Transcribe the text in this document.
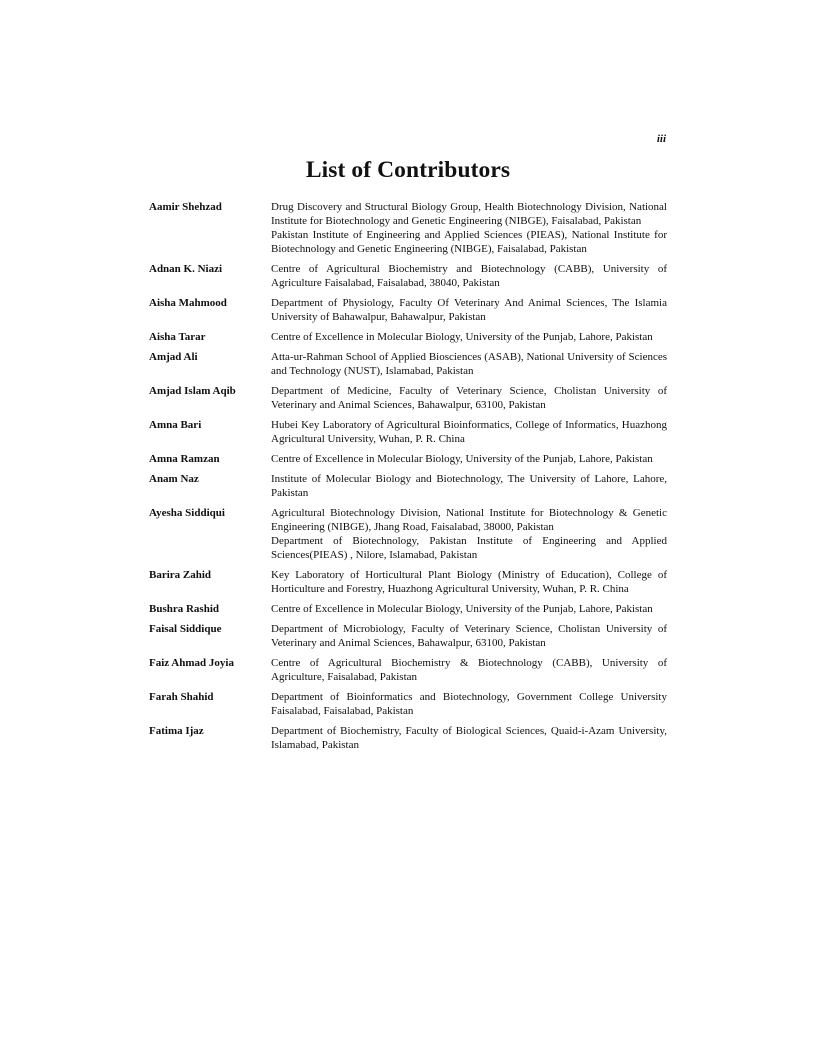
iii
List of Contributors
Aamir Shehzad	Drug Discovery and Structural Biology Group, Health Biotechnology Division, National Institute for Biotechnology and Genetic Engineering (NIBGE), Faisalabad, Pakistan
Pakistan Institute of Engineering and Applied Sciences (PIEAS), National Institute for Biotechnology and Genetic Engineering (NIBGE), Faisalabad, Pakistan
Adnan K. Niazi	Centre of Agricultural Biochemistry and Biotechnology (CABB), University of Agriculture Faisalabad, Faisalabad, 38040, Pakistan
Aisha Mahmood	Department of Physiology, Faculty Of Veterinary And Animal Sciences, The Islamia University of Bahawalpur, Bahawalpur, Pakistan
Aisha Tarar	Centre of Excellence in Molecular Biology, University of the Punjab, Lahore, Pakistan
Amjad Ali	Atta-ur-Rahman School of Applied Biosciences (ASAB), National University of Sciences and Technology (NUST), Islamabad, Pakistan
Amjad Islam Aqib	Department of Medicine, Faculty of Veterinary Science, Cholistan University of Veterinary and Animal Sciences, Bahawalpur, 63100, Pakistan
Amna Bari	Hubei Key Laboratory of Agricultural Bioinformatics, College of Informatics, Huazhong Agricultural University, Wuhan, P. R. China
Amna Ramzan	Centre of Excellence in Molecular Biology, University of the Punjab, Lahore, Pakistan
Anam Naz	Institute of Molecular Biology and Biotechnology, The University of Lahore, Lahore, Pakistan
Ayesha Siddiqui	Agricultural Biotechnology Division, National Institute for Biotechnology & Genetic Engineering (NIBGE), Jhang Road, Faisalabad, 38000, Pakistan
Department of Biotechnology, Pakistan Institute of Engineering and Applied Sciences(PIEAS) , Nilore, Islamabad, Pakistan
Barira Zahid	Key Laboratory of Horticultural Plant Biology (Ministry of Education), College of Horticulture and Forestry, Huazhong Agricultural University, Wuhan, P. R. China
Bushra Rashid	Centre of Excellence in Molecular Biology, University of the Punjab, Lahore, Pakistan
Faisal Siddique	Department of Microbiology, Faculty of Veterinary Science, Cholistan University of Veterinary and Animal Sciences, Bahawalpur, 63100, Pakistan
Faiz Ahmad Joyia	Centre of Agricultural Biochemistry & Biotechnology (CABB), University of Agriculture, Faisalabad, Pakistan
Farah Shahid	Department of Bioinformatics and Biotechnology, Government College University Faisalabad, Faisalabad, Pakistan
Fatima Ijaz	Department of Biochemistry, Faculty of Biological Sciences, Quaid-i-Azam University, Islamabad, Pakistan
